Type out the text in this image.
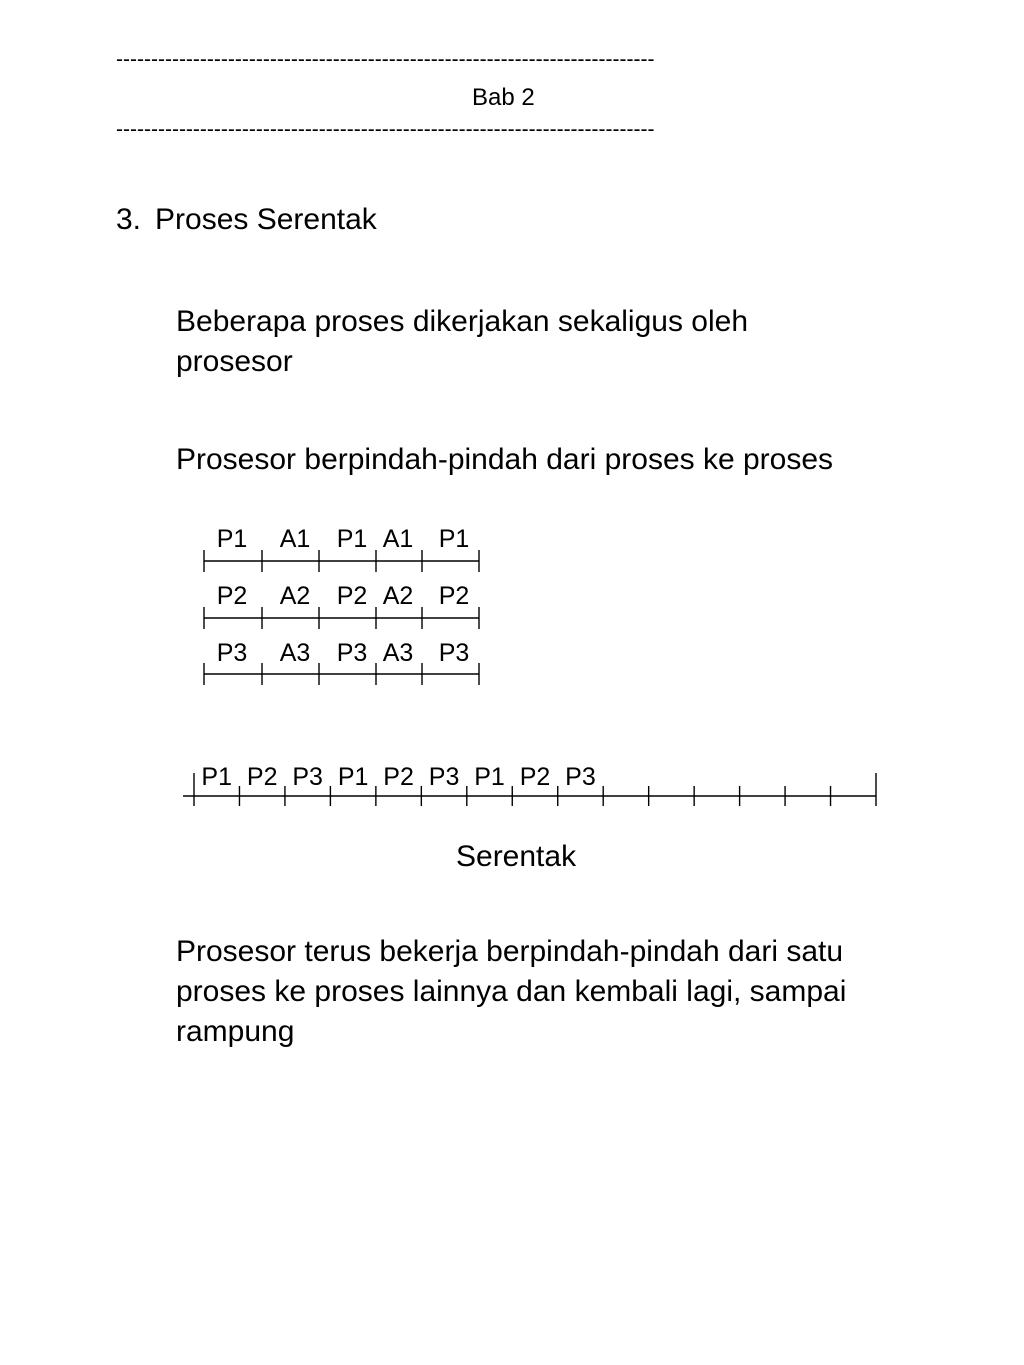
-----------------------------------------------------------------------------
Bab 2
-----------------------------------------------------------------------------
3. Proses Serentak
Beberapa proses dikerjakan sekaligus oleh
prosesor
Prosesor berpindah-pindah dari proses ke proses
P1 A1 P1 A1 P1
P2 A2 P2 A2 P2
P3 A3 P3 A3 P3
P1 P2 P3 P1 P2 P3 P1 P2 P3
Serentak
Prosesor terus bekerja berpindah-pindah dari satu
proses ke proses lainnya dan kembali lagi, sampai
rampung
